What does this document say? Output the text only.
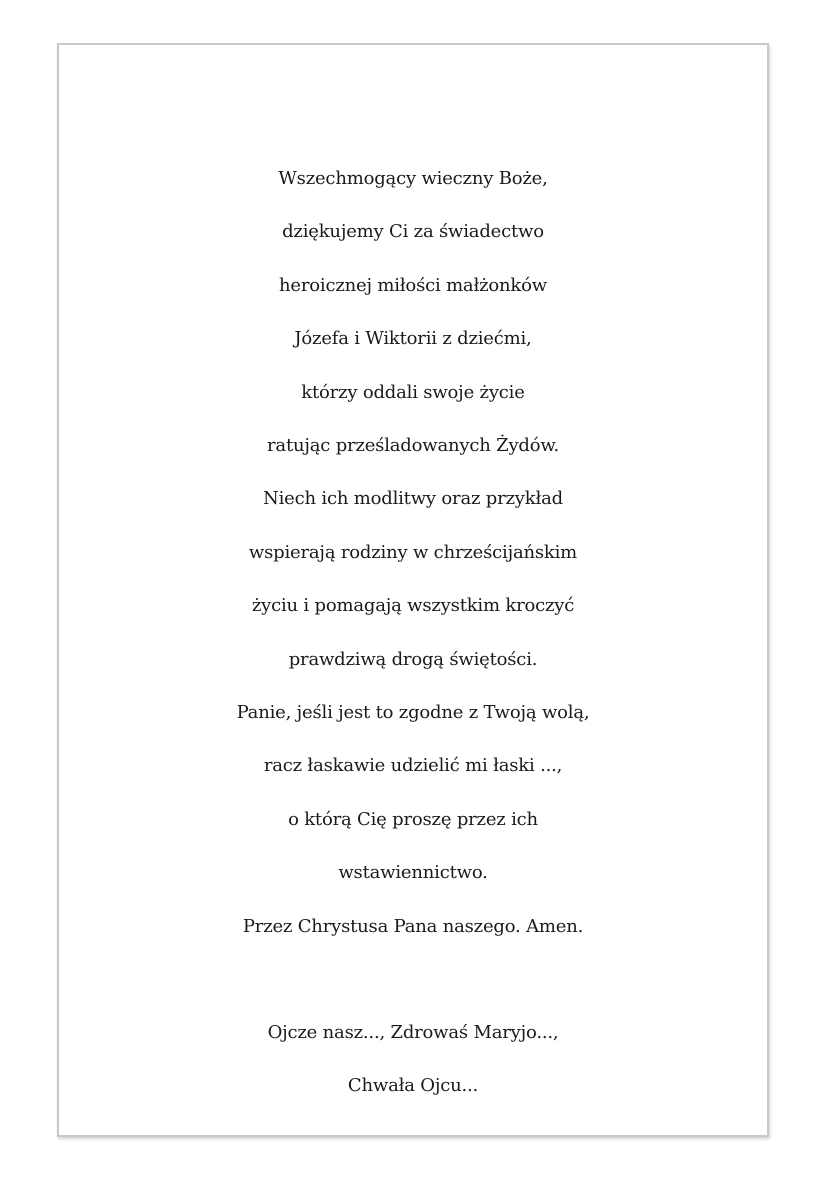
Wszechmogący wieczny Boże,
dziękujemy Ci za świadectwo
heroicznej miłości małżonków
Józefa i Wiktorii z dziećmi,
którzy oddali swoje życie
ratując prześladowanych Żydów.
Niech ich modlitwy oraz przykład
wspierają rodziny w chrześcijańskim
życiu i pomagają wszystkim kroczyć
prawdziwą drogą świętości.
Panie, jeśli jest to zgodne z Twoją wolą,
racz łaskawie udzielić mi łaski ...,
o którą Cię proszę przez ich
wstawiennictwo.
Przez Chrystusa Pana naszego. Amen.
Ojcze nasz..., Zdrowaś Maryjo...,
Chwała Ojcu...
